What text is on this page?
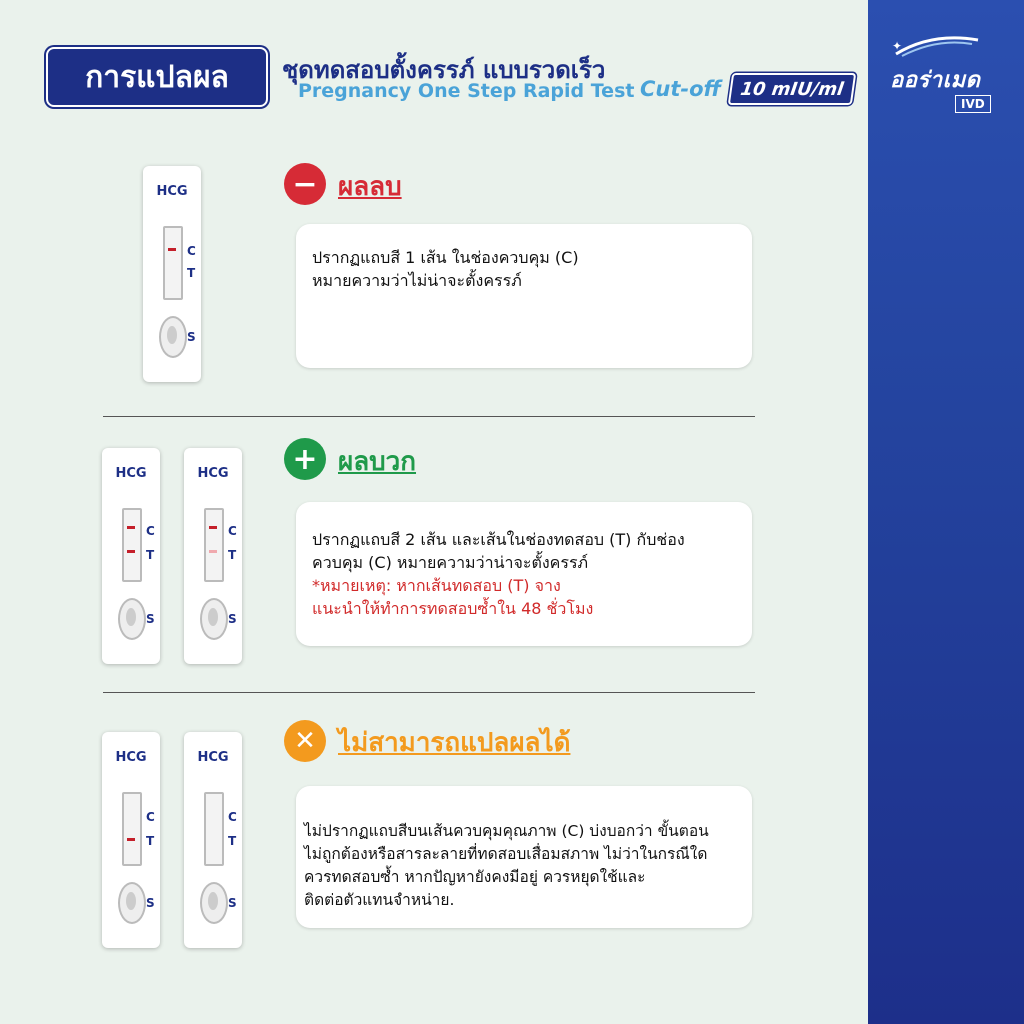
✦
ออร่าเมด
IVD
การแปลผล	ชุดทดสอบตั้งครรภ์ แบบรวดเร็ว
Pregnancy One Step Rapid Test Cut-off 10 mIU/ml
HCG
C
T
S
− ผลลบ

ปรากฏแถบสี 1 เส้น ในช่องควบคุม (C)

หมายความว่าไม่น่าจะตั้งครรภ์

HCG
C
T
S
HCG
C
T
S
+ ผลบวก

ปรากฏแถบสี 2 เส้น และเส้นในช่องทดสอบ (T) กับช่อง

ควบคุม (C) หมายความว่าน่าจะตั้งครรภ์

*หมายเหตุ: หากเส้นทดสอบ (T) จาง

แนะนำให้ทำการทดสอบซ้ำใน 48 ชั่วโมง

HCG
C
T
S
HCG
C
T
S
✕ ไม่สามารถแปลผลได้

ไม่ปรากฏแถบสีบนเส้นควบคุมคุณภาพ (C) บ่งบอกว่า ขั้นตอน

ไม่ถูกต้องหรือสารละลายที่ทดสอบเสื่อมสภาพ ไม่ว่าในกรณีใด

ควรทดสอบซ้ำ หากปัญหายังคงมีอยู่ ควรหยุดใช้และ

ติดต่อตัวแทนจำหน่าย.
